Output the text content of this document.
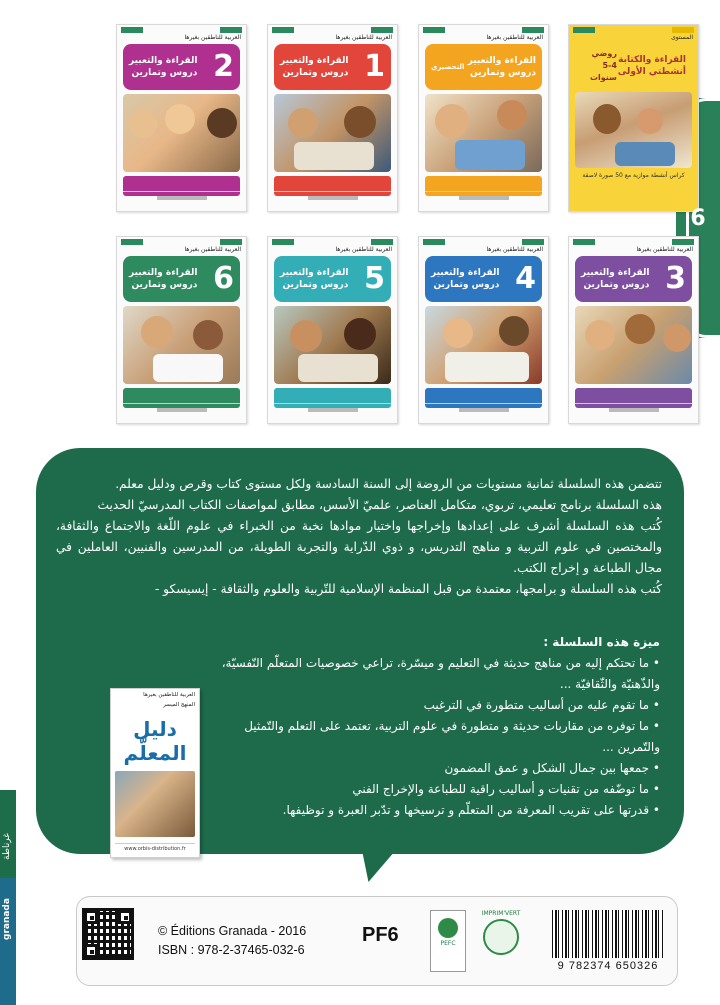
6
غرناطة
المستوى
روضي 4-5 سنوات
القراءة والكتابة أنشطتي الأولى
كراس أنشطة موازية مع 50 صورة لاصقة
العربية للناطقين بغيرها
التحضيري
القراءة والتعبير
دروس وتمارين
العربية للناطقين بغيرها
القراءة والتعبير
دروس وتمارين 1
العربية للناطقين بغيرها
القراءة والتعبير
دروس وتمارين 2
العربية للناطقين بغيرها
القراءة والتعبير
دروس وتمارين 3
العربية للناطقين بغيرها
القراءة والتعبير
دروس وتمارين 4
العربية للناطقين بغيرها
القراءة والتعبير
دروس وتمارين 5
العربية للناطقين بغيرها
القراءة والتعبير
دروس وتمارين 6

تتضمن هذه السلسلة ثمانية مستويات من الروضة إلى السنة السادسة ولكل مستوى كتاب وقرص ودليل معلم.

هذه السلسلة برنامج تعليمي، تربوي، متكامل العناصر، علميّ الأسس، مطابق لمواصفات الكتاب المدرسيّ الحديث

كُتب هذه السلسلة أشرف على إعدادها وإخراجها واختيار موادها نخبة من الخبراء في علوم اللّغة والاجتماع والثقافة، والمختصين في علوم التربية و مناهج التدريس، و ذوي الدّراية والتجربة الطويلة، من المدرسين والفنيين، العاملين في مجال الطباعة و إخراج الكتب.

كُتب هذه السلسلة و برامجها، معتمدة من قبل المنظمة الإسلامية للتّربية والعلوم والثقافة - إيسيسكو -

ميزة هذه السلسلة :
• ما تحتكم إليه من مناهج حديثة في التعليم و ميسّرة، تراعي خصوصيات المتعلّم النّفسيّة، والذّهنيّة والثّقافيّة ...
• ما تقوم عليه من أساليب متطورة في الترغيب
• ما توفره من مقاربات حديثة و متطورة في علوم التربية، تعتمد على التعلم والتّمثيل والتّمرين ...
• جمعها بين جمال الشكل و عمق المضمون
• ما توضّفه من تقنيات و أساليب راقية للطباعة والإخراج الفني
• قدرتها على تقريب المعرفة من المتعلّم و ترسيخها و تدّبر العبرة و توظيفها.
العربية للناطقين بغيرها
المنهج الميسر
دليل المعلّم
www.orbis-distribution.fr
© Éditions Granada - 2016
ISBN : 978-2-37465-032-6
PF6	PEFC
IMPRIM'VERT
9 782374 650326
